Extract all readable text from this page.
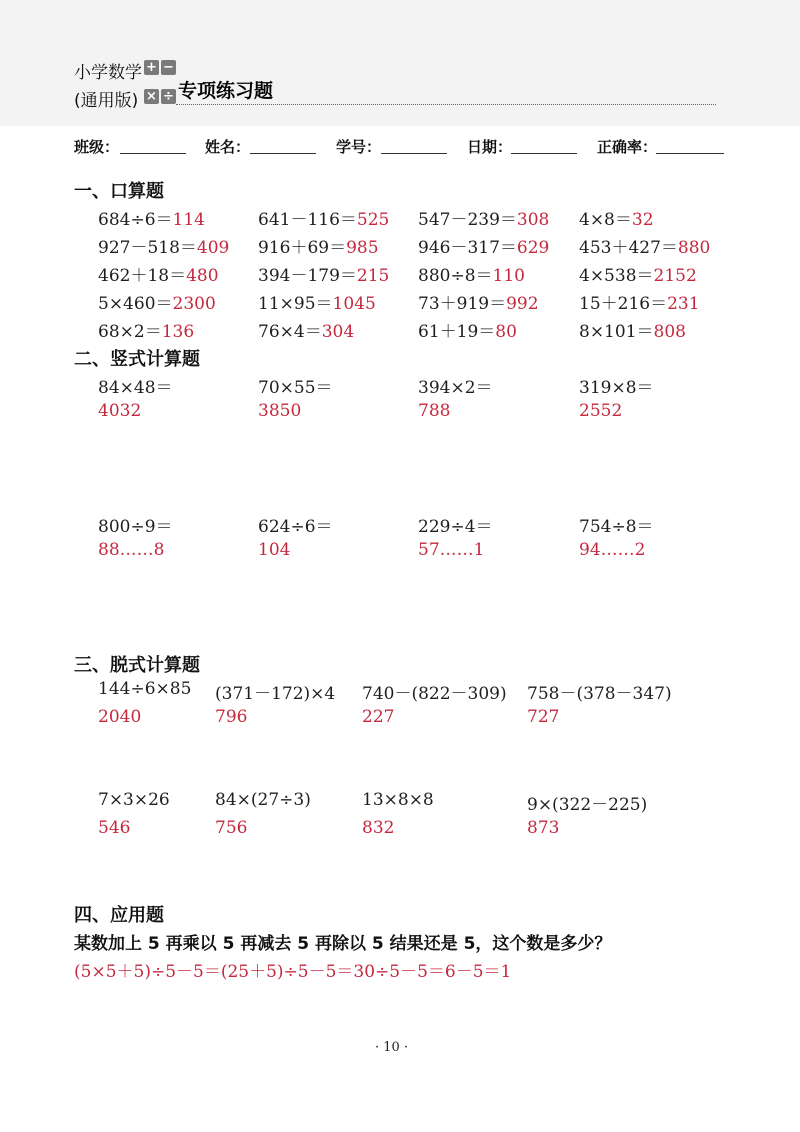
小学数学
(通用版)
+ −
× ÷ 专项练习题
班级：	姓名：	学号：	日期：	正确率：
一、口算题
684÷6＝114	641－116＝525 547－239＝308 4×8＝32
927－518＝409 916＋69＝985 946－317＝629 453＋427＝880
462＋18＝480 394－179＝215 880÷8＝110	4×538＝2152
5×460＝2300 11×95＝1045 73＋919＝992 15＋216＝231
68×2＝136	76×4＝304	61＋19＝80	8×101＝808
二、竖式计算题
84×48＝	70×55＝	394×2＝	319×8＝
4032	3850	788	2552
800÷9＝	624÷6＝	229÷4＝	754÷8＝
88……8	104	57……1	94……2
三、脱式计算题
144÷6×85 (371－172)×4 740－(822－309) 758－(378－347)
2040	796	227	727
7×3×26	84×(27÷3)	13×8×8	9×(322－225)
546	756	832	873
四、应用题
某数加上 5 再乘以 5 再减去 5 再除以 5 结果还是 5，这个数是多少？
(5×5＋5)÷5－5＝(25＋5)÷5－5＝30÷5－5＝6－5＝1
· 10 ·
